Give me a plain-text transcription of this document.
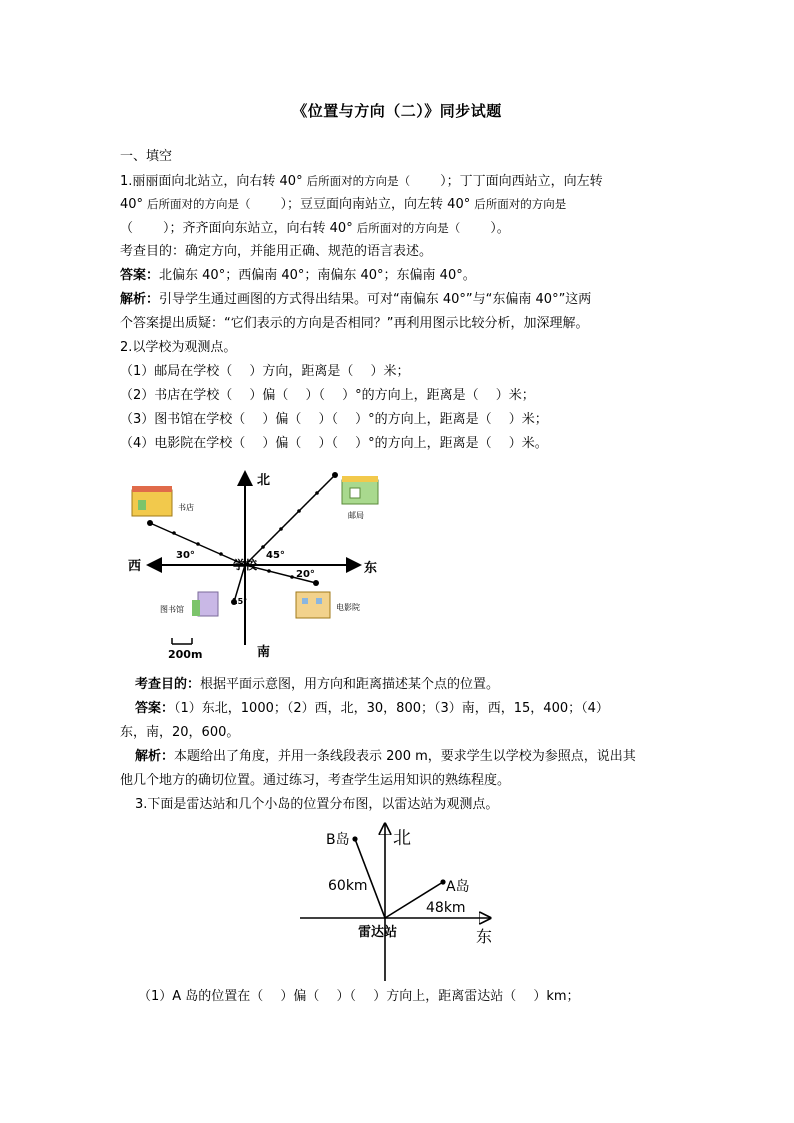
《位置与方向（二）》同步试题
一、填空
1.丽丽面向北站立，向右转 40° 后所面对的方向是（ ）；丁丁面向西站立，向左转
40° 后所面对的方向是（ ）；豆豆面向南站立，向左转 40° 后所面对的方向是
（ ）；齐齐面向东站立，向右转 40° 后所面对的方向是（ ）。
考查目的：确定方向，并能用正确、规范的语言表述。
答案：北偏东 40°；西偏南 40°；南偏东 40°；东偏南 40°。
解析：引导学生通过画图的方式得出结果。可对“南偏东 40°”与“东偏南 40°”这两
个答案提出质疑：“它们表示的方向是否相同？”再利用图示比较分析，加深理解。
2.以学校为观测点。
（1）邮局在学校（　 ）方向，距离是（　 ）米；
（2）书店在学校（　 ）偏（　 ）（　 ）°的方向上，距离是（　 ）米；
（3）图书馆在学校（　 ）偏（　 ）（　 ）°的方向上，距离是（　 ）米；
（4）电影院在学校（　 ）偏（　 ）（　 ）°的方向上，距离是（　 ）米。
书店
邮局
图书馆	电影院
北
西	东
南
学校
30°	45°
20°
15°
200m
考查目的：根据平面示意图，用方向和距离描述某个点的位置。
答案：（1）东北，1000；（2）西，北，30，800；（3）南，西，15，400；（4）
东，南，20，600。
解析：本题给出了角度，并用一条线段表示 200 m，要求学生以学校为参照点，说出其
他几个地方的确切位置。通过练习，考查学生运用知识的熟练程度。
3.下面是雷达站和几个小岛的位置分布图，以雷达站为观测点。
北
东
B岛
A岛
60km
48km
雷达站
（1）A 岛的位置在（　 ）偏（　 ）（　 ）方向上，距离雷达站（　 ）km；
